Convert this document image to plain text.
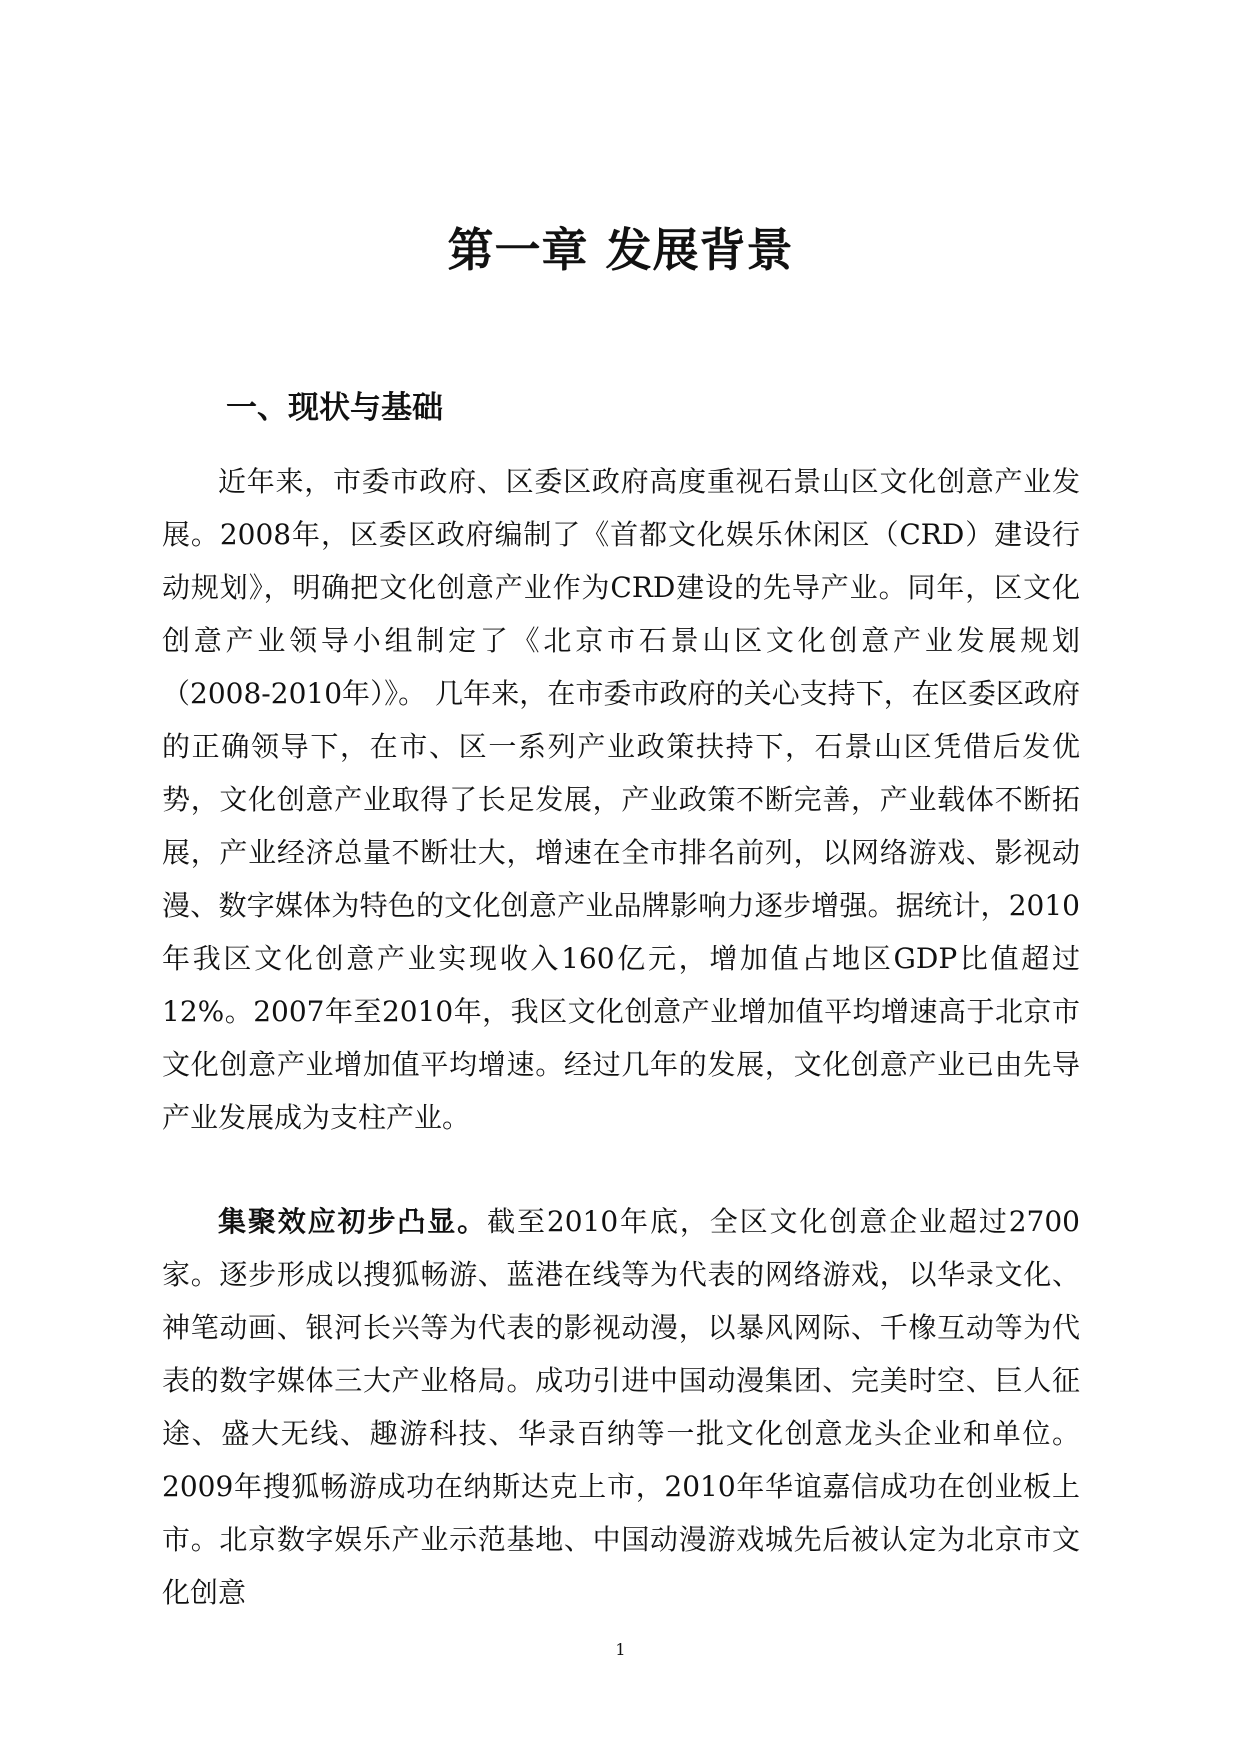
第一章 发展背景
一、现状与基础

近年来，市委市政府、区委区政府高度重视石景山区文化创意产业发展。2008年，区委区政府编制了《首都文化娱乐休闲区（CRD）建设行动规划》，明确把文化创意产业作为CRD建设的先导产业。同年，区文化创意产业领导小组制定了《北京市石景山区文化创意产业发展规划（2008-2010年）》。 几年来，在市委市政府的关心支持下，在区委区政府的正确领导下，在市、区一系列产业政策扶持下，石景山区凭借后发优势，文化创意产业取得了长足发展，产业政策不断完善，产业载体不断拓展，产业经济总量不断壮大，增速在全市排名前列，以网络游戏、影视动漫、数字媒体为特色的文化创意产业品牌影响力逐步增强。据统计，2010年我区文化创意产业实现收入160亿元，增加值占地区GDP比值超过12%。2007年至2010年，我区文化创意产业增加值平均增速高于北京市文化创意产业增加值平均增速。经过几年的发展，文化创意产业已由先导产业发展成为支柱产业。

集聚效应初步凸显。截至2010年底，全区文化创意企业超过2700家。逐步形成以搜狐畅游、蓝港在线等为代表的网络游戏，以华录文化、神笔动画、银河长兴等为代表的影视动漫，以暴风网际、千橡互动等为代表的数字媒体三大产业格局。成功引进中国动漫集团、完美时空、巨人征途、盛大无线、趣游科技、华录百纳等一批文化创意龙头企业和单位。2009年搜狐畅游成功在纳斯达克上市，2010年华谊嘉信成功在创业板上市。北京数字娱乐产业示范基地、中国动漫游戏城先后被认定为北京市文化创意

1
